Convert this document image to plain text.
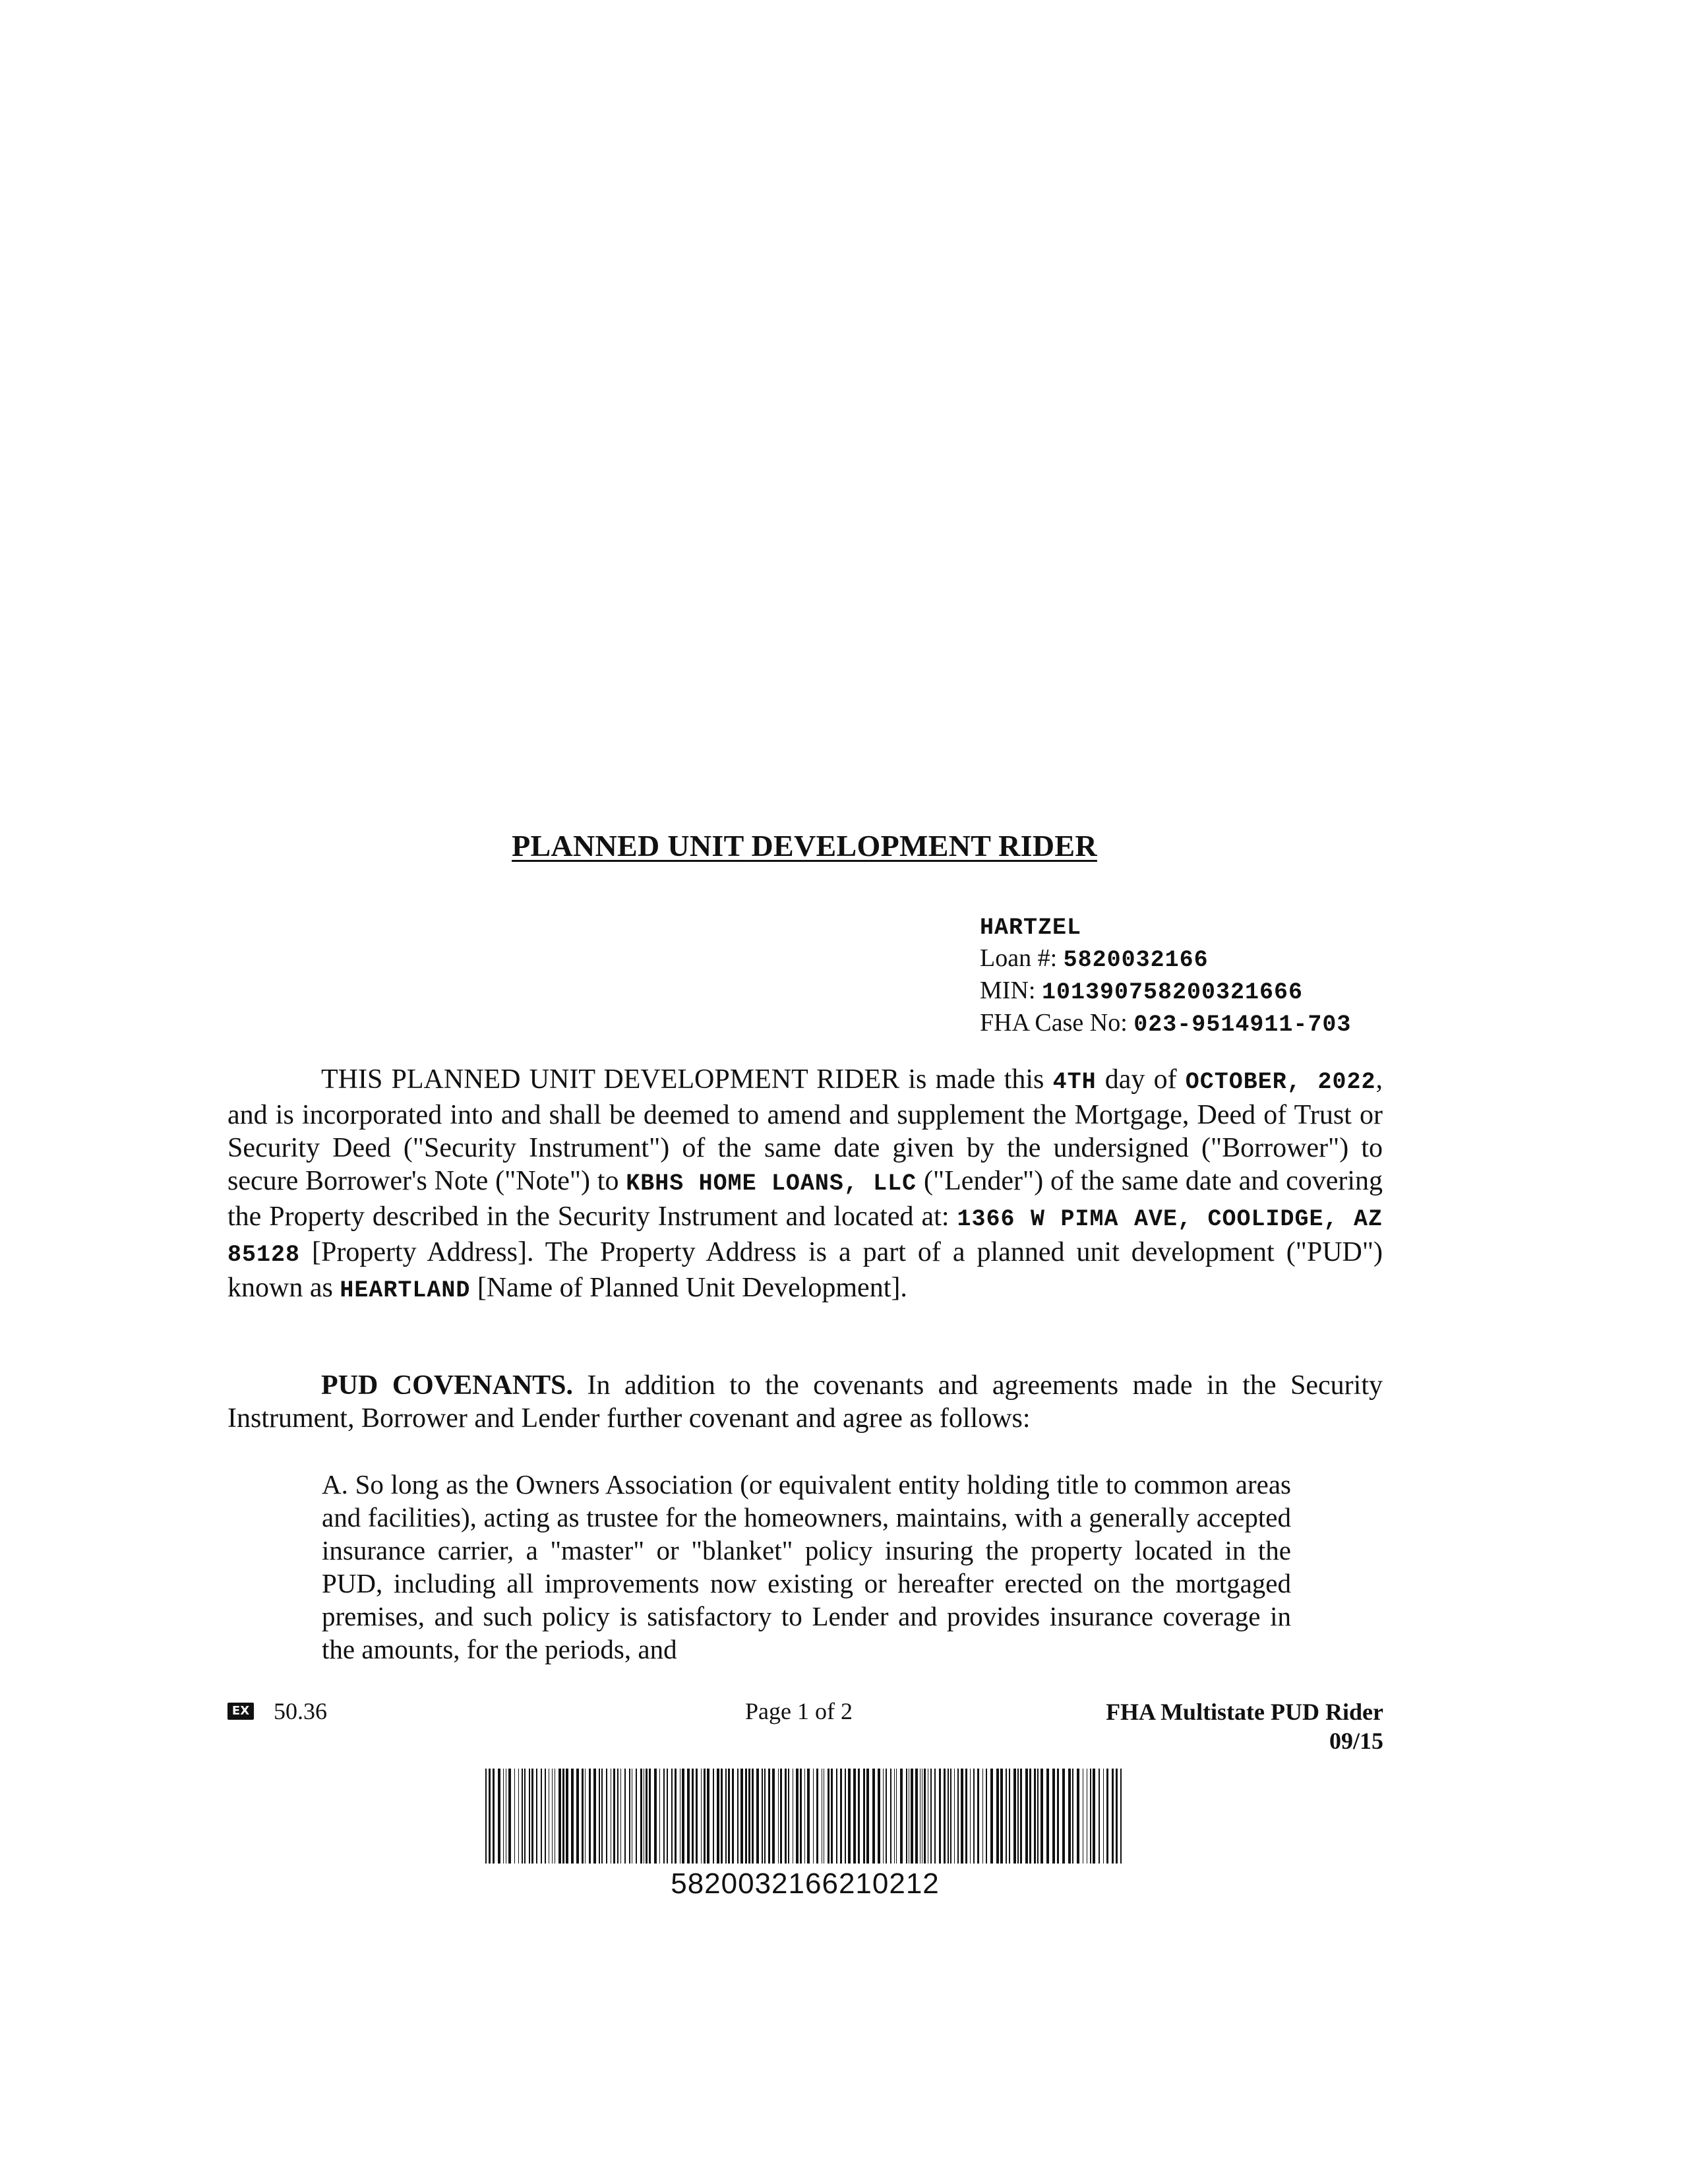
PLANNED UNIT DEVELOPMENT RIDER
HARTZEL
Loan #: 5820032166
MIN: 101390758200321666
FHA Case No: 023-9514911-703
THIS PLANNED UNIT DEVELOPMENT RIDER is made this 4TH day of OCTOBER, 2022, and is incorporated into and shall be deemed to amend and supplement the Mortgage, Deed of Trust or Security Deed ("Security Instrument") of the same date given by the undersigned ("Borrower") to secure Borrower's Note ("Note") to KBHS HOME LOANS, LLC ("Lender") of the same date and covering the Property described in the Security Instrument and located at: 1366 W PIMA AVE, COOLIDGE, AZ 85128 [Property Address]. The Property Address is a part of a planned unit development ("PUD") known as HEARTLAND [Name of Planned Unit Development].
PUD COVENANTS. In addition to the covenants and agreements made in the Security Instrument, Borrower and Lender further covenant and agree as follows:
A. So long as the Owners Association (or equivalent entity holding title to common areas and facilities), acting as trustee for the homeowners, maintains, with a generally accepted insurance carrier, a "master" or "blanket" policy insuring the property located in the PUD, including all improvements now existing or hereafter erected on the mortgaged premises, and such policy is satisfactory to Lender and provides insurance coverage in the amounts, for the periods, and
EX 50.36	Page 1 of 2	FHA Multistate PUD Rider
09/15
5820032166210212
